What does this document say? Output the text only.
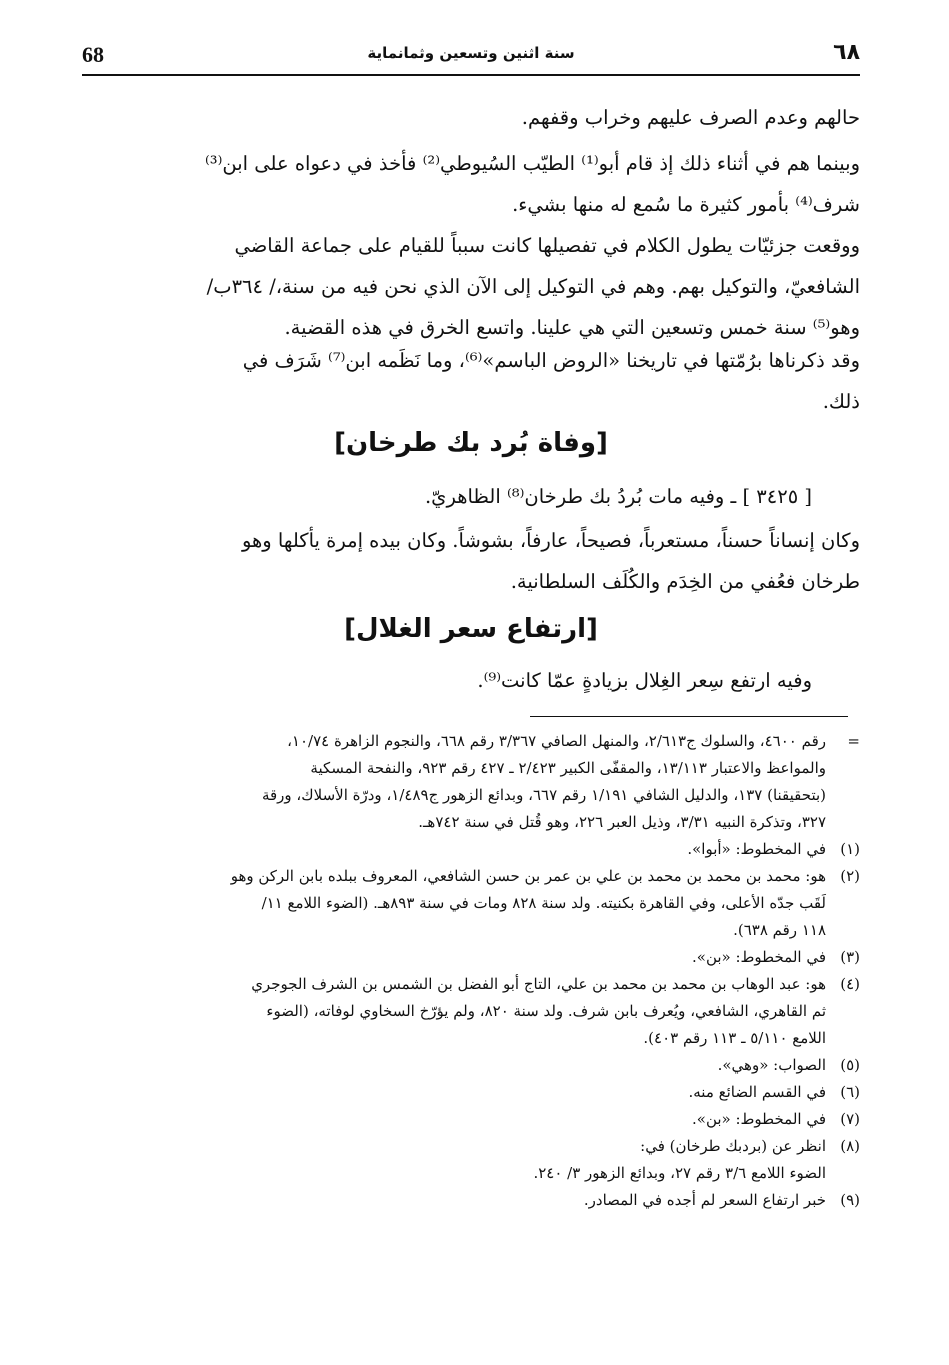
68	سنة اثنين وتسعين وثمانماية	٦٨

حالهم وعدم الصرف عليهم وخراب وقفهم.

وبينما هم في أثناء ذلك إذ قام أبو⁽¹⁾ الطيّب السُيوطي⁽²⁾ فأخذ في دعواه على ابن⁽³⁾

شرف⁽⁴⁾ بأمور كثيرة ما سُمع له منها بشيء.

ووقعت جزئيّات يطول الكلام في تفصيلها كانت سبباً للقيام على جماعة القاضي

الشافعيّ، والتوكيل بهم. وهم في التوكيل إلى الآن الذي نحن فيه من سنة،/ ٣٦٤ب/

وهو⁽⁵⁾ سنة خمس وتسعين التي هي علينا. واتسع الخرق في هذه القضية.

وقد ذكرناها برُمّتها في تاريخنا «الروض الباسم»⁽⁶⁾، وما نَظَمه ابن⁽⁷⁾ شَرَف في

ذلك.

[وفاة بُرد بك طرخان]

[ ٣٤٢٥ ] ـ وفيه مات بُردُ بك طرخان⁽⁸⁾ الظاهريّ.

وكان إنساناً حسناً، مستعرباً، فصيحاً، عارفاً، بشوشاً. وكان بيده إمرة يأكلها وهو

طرخان فعُفي من الخِدَم والكُلَف السلطانية.

[ارتفاع سعر الغلال]

وفيه ارتفع سِعر الغِلال بزيادةٍ عمّا كانت⁽⁹⁾.

=
رقم ٤٦٠٠، والسلوك ج٢/٦١٣، والمنهل الصافي ٣/٣٦٧ رقم ٦٦٨، والنجوم الزاهرة ١٠/٧٤،
والمواعظ والاعتبار ١٣/١١٣، والمقفّى الكبير ٢/٤٢٣ ـ ٤٢٧ رقم ٩٢٣، والنفحة المسكية
(بتحقيقنا) ١٣٧، والدليل الشافي ١/١٩١ رقم ٦٦٧، وبدائع الزهور ج١/٤٨٩، ودرّة الأسلاك، ورقة
٣٢٧، وتذكرة النبيه ٣/٣١، وذيل العبر ٢٢٦، وهو قُتل في سنة ٧٤٢هـ.
(١)
في المخطوط: «أبوا».
(٢)
هو: محمد بن محمد بن محمد بن علي بن عمر بن حسن الشافعي، المعروف ببلده بابن الركن وهو
لَقَب جدّه الأعلى، وفي القاهرة بكنيته. ولد سنة ٨٢٨ ومات في سنة ٨٩٣هـ. (الضوء اللامع ١١/
١١٨ رقم ٦٣٨).
(٣)
في المخطوط: «بن».
(٤)
هو: عبد الوهاب بن محمد بن محمد بن علي، التاج أبو الفضل بن الشمس بن الشرف الجوجري
ثم القاهري، الشافعي، ويُعرف بابن شرف. ولد سنة ٨٢٠، ولم يؤرّخ السخاوي لوفاته، (الضوء
اللامع ٥/١١٠ ـ ١١٣ رقم ٤٠٣).
(٥)
الصواب: «وهي».
(٦)
في القسم الضائع منه.
(٧)
في المخطوط: «بن».
(٨)
انظر عن (بردبك طرخان) في:
الضوء اللامع ٣/٦ رقم ٢٧، وبدائع الزهور ٣/ ٢٤٠.
(٩)
خبر ارتفاع السعر لم أجده في المصادر.
